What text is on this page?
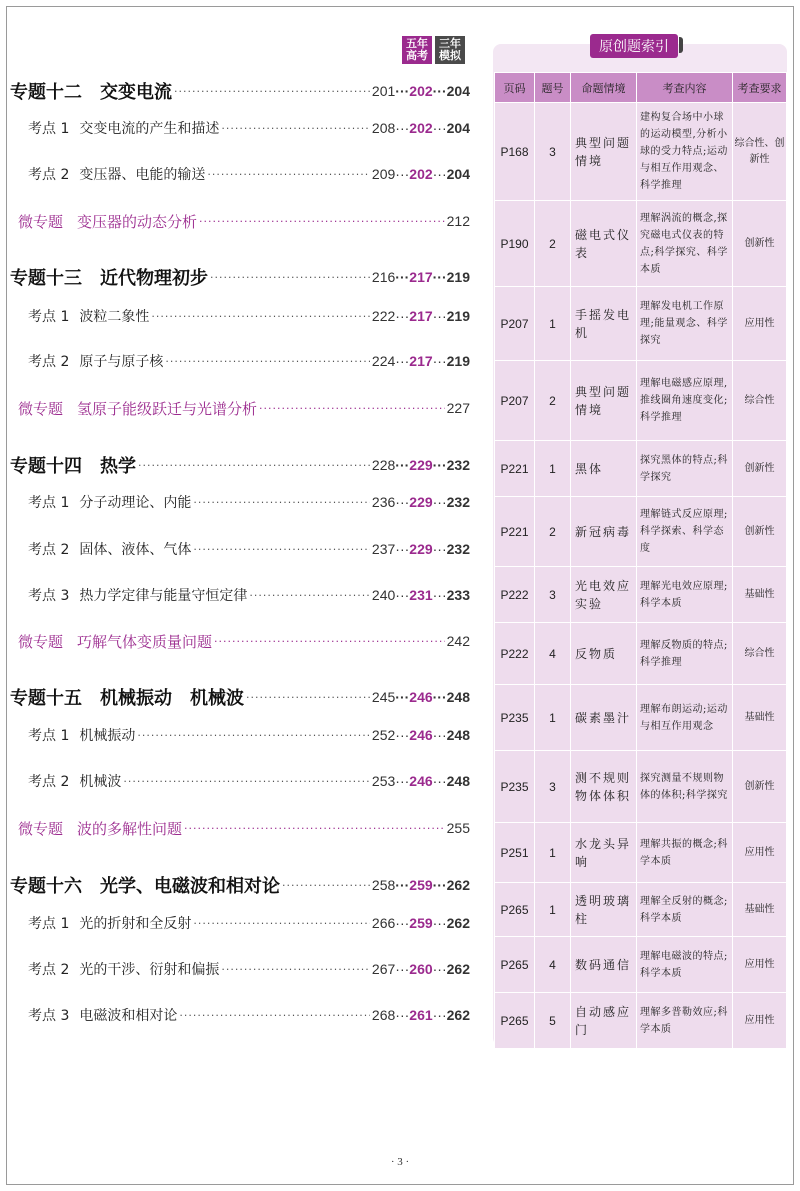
五年
高考
三年
模拟
专题十二　交变电流 ·····	201···202···204
考点 1 交变电流的产生和描述 ·····	208···202···204
考点 2 变压器、电能的输送 ·····	209···202···204
微专题 变压器的动态分析 ·····	212
专题十三　近代物理初步 ·····	216···217···219
考点 1 波粒二象性 ·····	222···217···219
考点 2 原子与原子核 ·····	224···217···219
微专题 氢原子能级跃迁与光谱分析 ·····	227
专题十四　热学 ·····	228···229···232
考点 1 分子动理论、内能 ·····	236···229···232
考点 2 固体、液体、气体 ·····	237···229···232
考点 3 热力学定律与能量守恒定律 ·····	240···231···233
微专题 巧解气体变质量问题 ·····	242
专题十五　机械振动　机械波 ·····	245···246···248
考点 1 机械振动 ·····	252···246···248
考点 2 机械波 ·····	253···246···248
微专题 波的多解性问题 ·····	255
专题十六　光学、电磁波和相对论 ·····	258···259···262
考点 1 光的折射和全反射 ·····	266···259···262
考点 2 光的干涉、衍射和偏振 ·····	267···260···262
考点 3 电磁波和相对论 ·····	268···261···262
原创题索引
页码	题号	命题情境	考查内容	考查要求
P168	3	典型问题情境	建构复合场中小球的运动模型,分析小球的受力特点;运动与相互作用观念、科学推理	综合性、创新性
P190	2	磁电式仪表	理解涡流的概念,探究磁电式仪表的特点;科学探究、科学本质	创新性
P207	1	手摇发电机	理解发电机工作原理;能量观念、科学探究	应用性
P207	2	典型问题情境	理解电磁感应原理,推线圈角速度变化;科学推理	综合性
P221	1	黑体	探究黑体的特点;科学探究	创新性
P221	2	新冠病毒	理解链式反应原理;科学探索、科学态度	创新性
P222	3	光电效应实验	理解光电效应原理;科学本质	基础性
P222	4	反物质	理解反物质的特点;科学推理	综合性
P235	1	碳素墨汁	理解布朗运动;运动与相互作用观念	基础性
P235	3	测不规则物体体积	探究测量不规则物体的体积;科学探究	创新性
P251	1	水龙头异响	理解共振的概念;科学本质	应用性
P265	1	透明玻璃柱	理解全反射的概念;科学本质	基础性
P265	4	数码通信	理解电磁波的特点;科学本质	应用性
P265	5	自动感应门	理解多普勒效应;科学本质	应用性
· 3 ·
